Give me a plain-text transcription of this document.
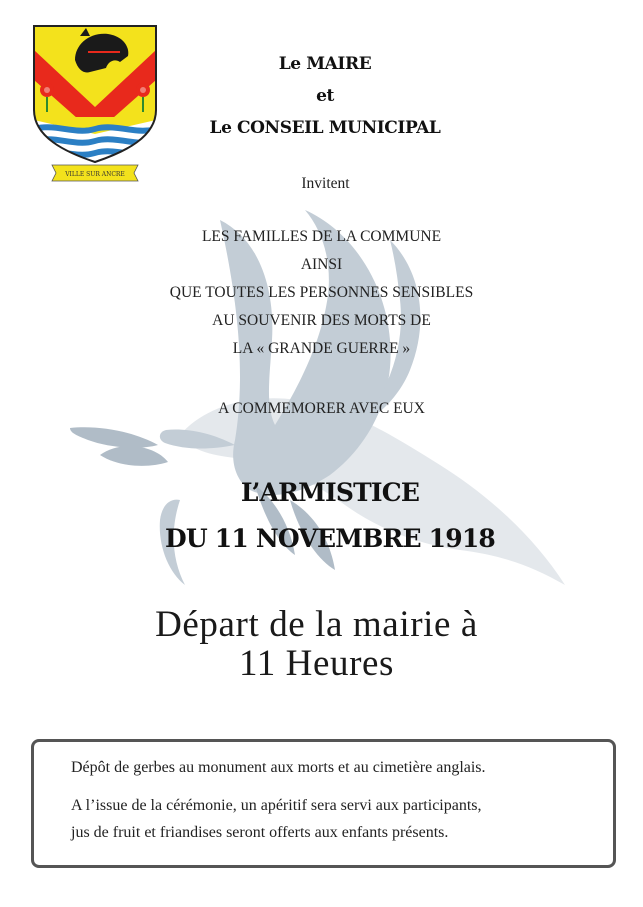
VILLE SUR ANCRE
Le MAIRE
et
Le CONSEIL MUNICIPAL
Invitent
LES FAMILLES DE LA COMMUNE
AINSI
QUE TOUTES LES PERSONNES SENSIBLES
AU SOUVENIR DES MORTS DE
LA « GRANDE GUERRE »
A COMMEMORER AVEC EUX
L’ARMISTICE
DU 11 NOVEMBRE 1918
Départ de la mairie à
11 Heures
Dépôt de gerbes au monument aux morts et au cimetière anglais.
A l’issue de la cérémonie, un apéritif sera servi aux participants,
jus de fruit et friandises seront offerts aux enfants présents.
